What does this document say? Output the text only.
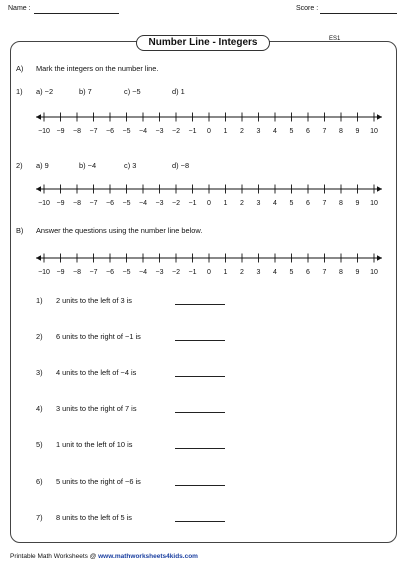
Name :	Score :
Number Line - Integers	ES1
A) Mark the integers on the number line.
1) a) −2	b) 7	c) −5	d) 1
−10 −9 −8 −7 −6 −5 −4 −3 −2 −1 0 1 2 3 4 5 6 7 8 9 10
2) a) 9	b) −4	c) 3	d) −8
−10 −9 −8 −7 −6 −5 −4 −3 −2 −1 0 1 2 3 4 5 6 7 8 9 10
B) Answer the questions using the number line below.
−10 −9 −8 −7 −6 −5 −4 −3 −2 −1 0 1 2 3 4 5 6 7 8 9 10
1) 2 units to the left of 3 is
2) 6 units to the right of −1 is
3) 4 units to the left of −4 is
4) 3 units to the right of 7 is
5) 1 unit to the left of 10 is
6) 5 units to the right of −6 is
7) 8 units to the left of 5 is
Printable Math Worksheets @ www.mathworksheets4kids.com
